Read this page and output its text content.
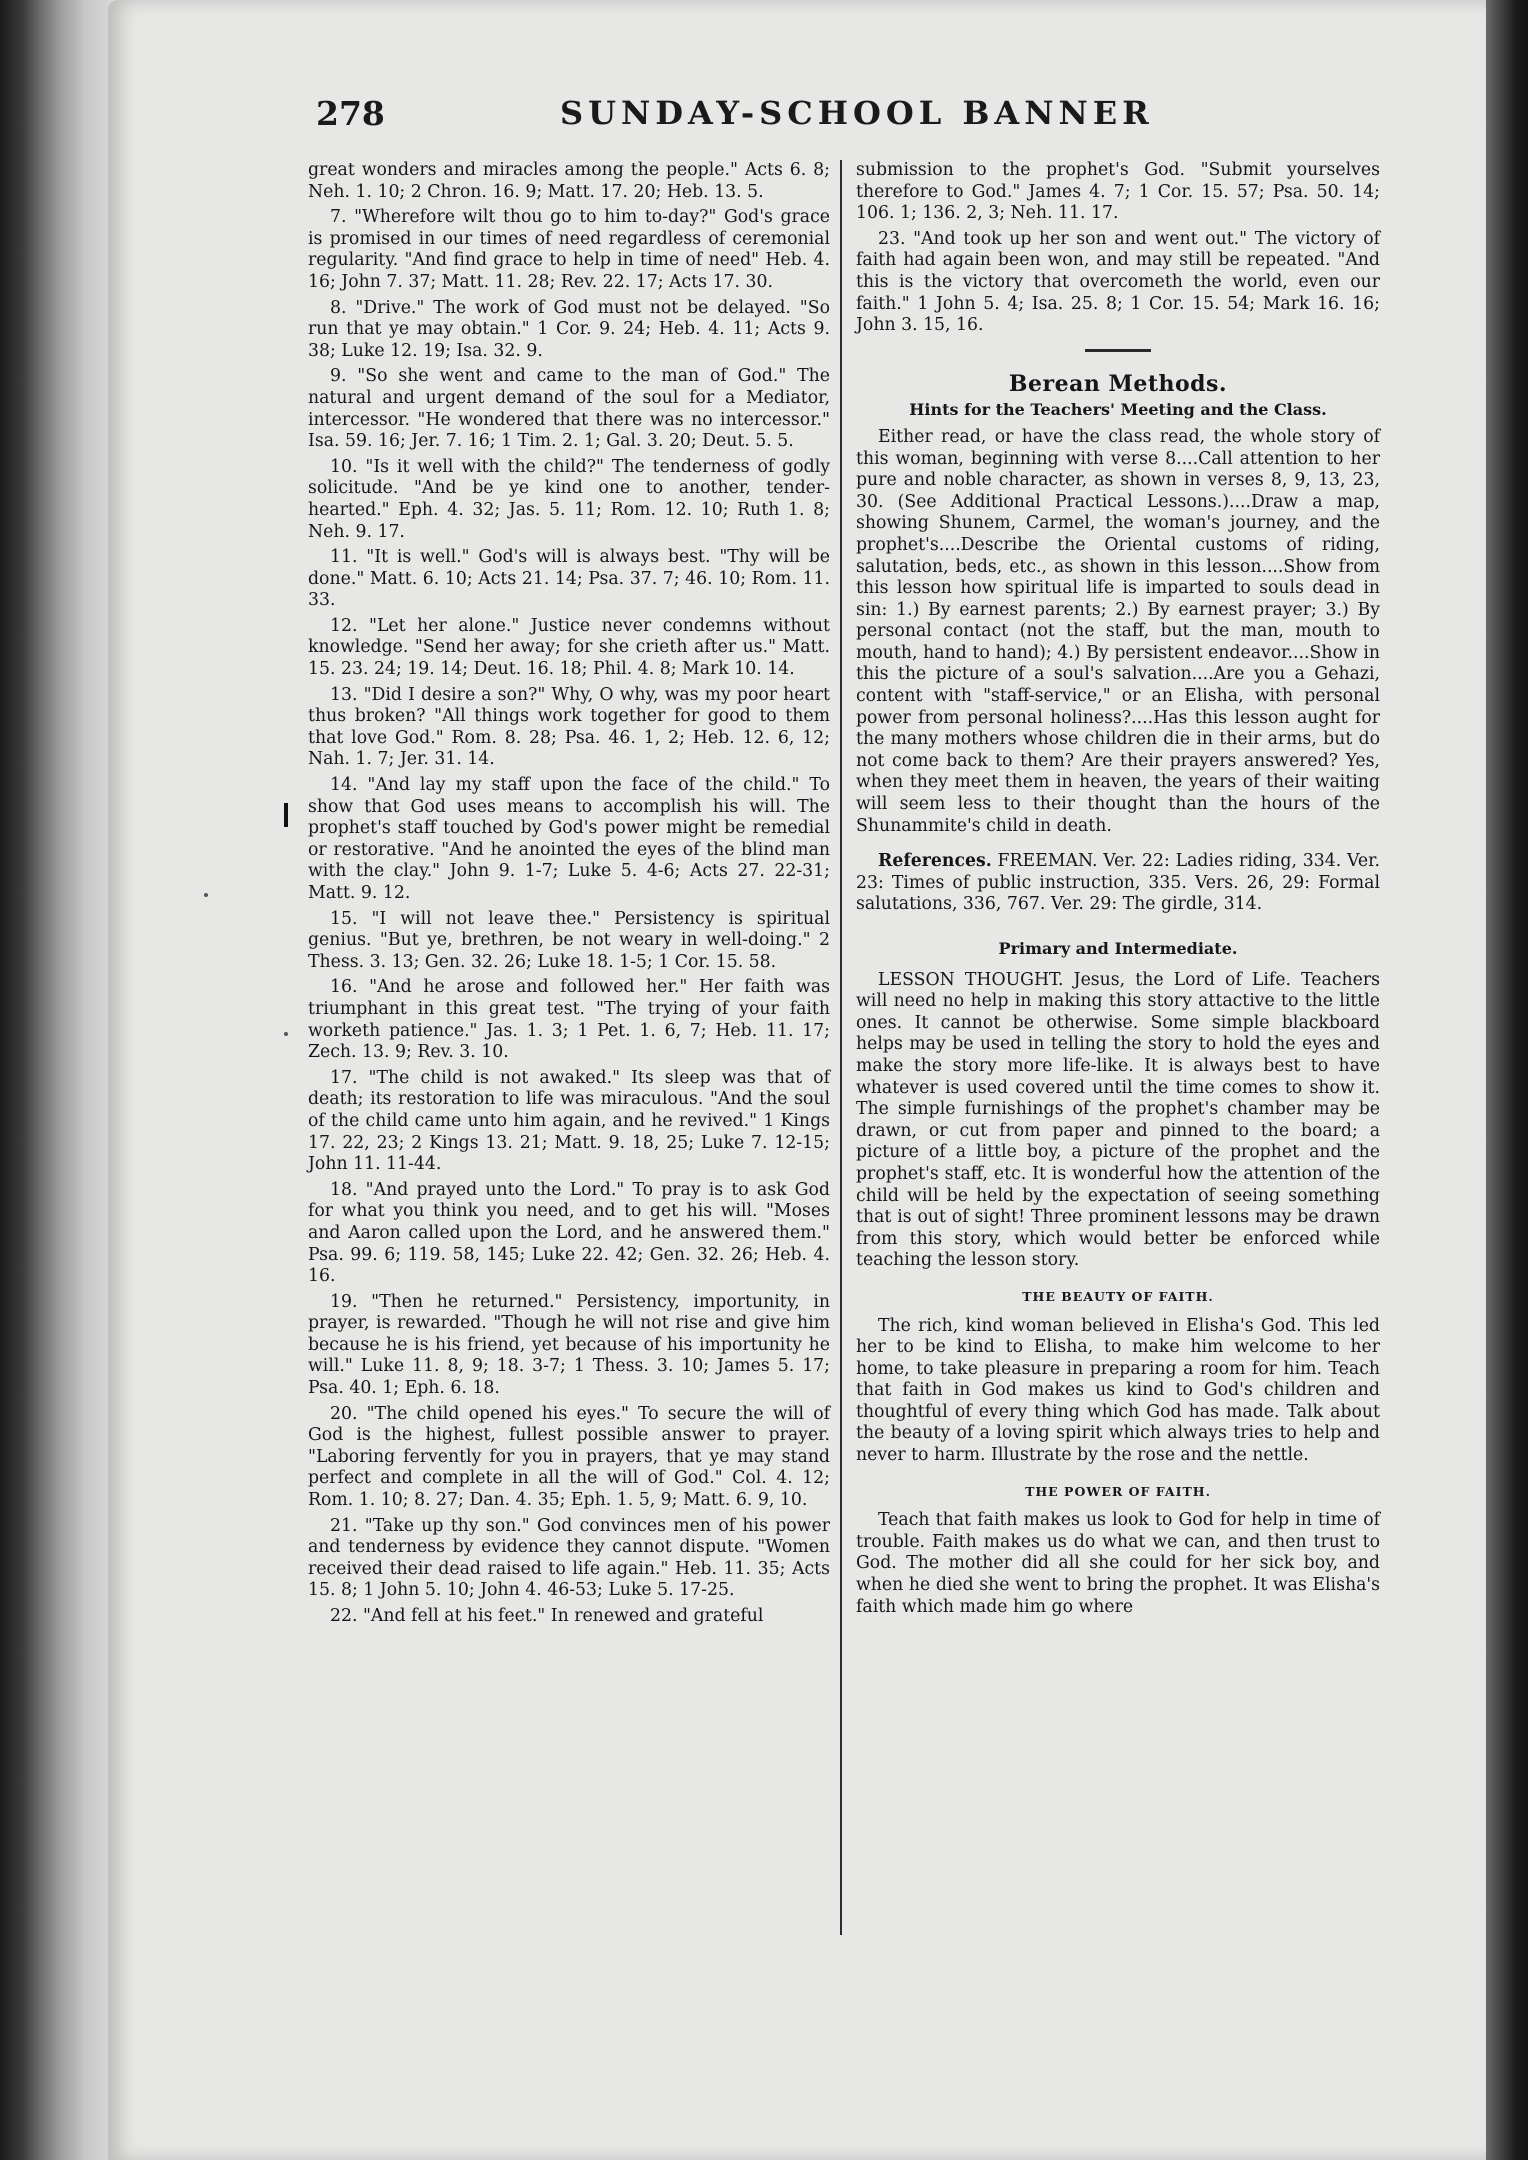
278	SUNDAY-SCHOOL BANNER

great wonders and miracles among the people." Acts 6. 8; Neh. 1. 10; 2 Chron. 16. 9; Matt. 17. 20; Heb. 13. 5.

7. "Wherefore wilt thou go to him to-day?" God's grace is promised in our times of need regardless of ceremonial regularity. "And find grace to help in time of need" Heb. 4. 16; John 7. 37; Matt. 11. 28; Rev. 22. 17; Acts 17. 30.

8. "Drive." The work of God must not be delayed. "So run that ye may obtain." 1 Cor. 9. 24; Heb. 4. 11; Acts 9. 38; Luke 12. 19; Isa. 32. 9.

9. "So she went and came to the man of God." The natural and urgent demand of the soul for a Mediator, intercessor. "He wondered that there was no intercessor." Isa. 59. 16; Jer. 7. 16; 1 Tim. 2. 1; Gal. 3. 20; Deut. 5. 5.

10. "Is it well with the child?" The tenderness of godly solicitude. "And be ye kind one to another, tender-hearted." Eph. 4. 32; Jas. 5. 11; Rom. 12. 10; Ruth 1. 8; Neh. 9. 17.

11. "It is well." God's will is always best. "Thy will be done." Matt. 6. 10; Acts 21. 14; Psa. 37. 7; 46. 10; Rom. 11. 33.

12. "Let her alone." Justice never condemns without knowledge. "Send her away; for she crieth after us." Matt. 15. 23. 24; 19. 14; Deut. 16. 18; Phil. 4. 8; Mark 10. 14.

13. "Did I desire a son?" Why, O why, was my poor heart thus broken? "All things work together for good to them that love God." Rom. 8. 28; Psa. 46. 1, 2; Heb. 12. 6, 12; Nah. 1. 7; Jer. 31. 14.

14. "And lay my staff upon the face of the child." To show that God uses means to accomplish his will. The prophet's staff touched by God's power might be remedial or restorative. "And he anointed the eyes of the blind man with the clay." John 9. 1-7; Luke 5. 4-6; Acts 27. 22-31; Matt. 9. 12.

15. "I will not leave thee." Persistency is spiritual genius. "But ye, brethren, be not weary in well-doing." 2 Thess. 3. 13; Gen. 32. 26; Luke 18. 1-5; 1 Cor. 15. 58.

16. "And he arose and followed her." Her faith was triumphant in this great test. "The trying of your faith worketh patience." Jas. 1. 3; 1 Pet. 1. 6, 7; Heb. 11. 17; Zech. 13. 9; Rev. 3. 10.

17. "The child is not awaked." Its sleep was that of death; its restoration to life was miraculous. "And the soul of the child came unto him again, and he revived." 1 Kings 17. 22, 23; 2 Kings 13. 21; Matt. 9. 18, 25; Luke 7. 12-15; John 11. 11-44.

18. "And prayed unto the Lord." To pray is to ask God for what you think you need, and to get his will. "Moses and Aaron called upon the Lord, and he answered them." Psa. 99. 6; 119. 58, 145; Luke 22. 42; Gen. 32. 26; Heb. 4. 16.

19. "Then he returned." Persistency, importunity, in prayer, is rewarded. "Though he will not rise and give him because he is his friend, yet because of his importunity he will." Luke 11. 8, 9; 18. 3-7; 1 Thess. 3. 10; James 5. 17; Psa. 40. 1; Eph. 6. 18.

20. "The child opened his eyes." To secure the will of God is the highest, fullest possible answer to prayer. "Laboring fervently for you in prayers, that ye may stand perfect and complete in all the will of God." Col. 4. 12; Rom. 1. 10; 8. 27; Dan. 4. 35; Eph. 1. 5, 9; Matt. 6. 9, 10.

21. "Take up thy son." God convinces men of his power and tenderness by evidence they cannot dispute. "Women received their dead raised to life again." Heb. 11. 35; Acts 15. 8; 1 John 5. 10; John 4. 46-53; Luke 5. 17-25.

22. "And fell at his feet." In renewed and grateful

submission to the prophet's God. "Submit yourselves therefore to God." James 4. 7; 1 Cor. 15. 57; Psa. 50. 14; 106. 1; 136. 2, 3; Neh. 11. 17.

23. "And took up her son and went out." The victory of faith had again been won, and may still be repeated. "And this is the victory that overcometh the world, even our faith." 1 John 5. 4; Isa. 25. 8; 1 Cor. 15. 54; Mark 16. 16; John 3. 15, 16.

Berean Methods.
Hints for the Teachers' Meeting and the Class.

Either read, or have the class read, the whole story of this woman, beginning with verse 8....Call attention to her pure and noble character, as shown in verses 8, 9, 13, 23, 30. (See Additional Practical Lessons.)....Draw a map, showing Shunem, Carmel, the woman's journey, and the prophet's....Describe the Oriental customs of riding, salutation, beds, etc., as shown in this lesson....Show from this lesson how spiritual life is imparted to souls dead in sin: 1.) By earnest parents; 2.) By earnest prayer; 3.) By personal contact (not the staff, but the man, mouth to mouth, hand to hand); 4.) By persistent endeavor....Show in this the picture of a soul's salvation....Are you a Gehazi, content with "staff-service," or an Elisha, with personal power from personal holiness?....Has this lesson aught for the many mothers whose children die in their arms, but do not come back to them? Are their prayers answered? Yes, when they meet them in heaven, the years of their waiting will seem less to their thought than the hours of the Shunammite's child in death.

References. FREEMAN. Ver. 22: Ladies riding, 334. Ver. 23: Times of public instruction, 335. Vers. 26, 29: Formal salutations, 336, 767. Ver. 29: The girdle, 314.

Primary and Intermediate.

LESSON THOUGHT. Jesus, the Lord of Life. Teachers will need no help in making this story attactive to the little ones. It cannot be otherwise. Some simple blackboard helps may be used in telling the story to hold the eyes and make the story more life-like. It is always best to have whatever is used covered until the time comes to show it. The simple furnishings of the prophet's chamber may be drawn, or cut from paper and pinned to the board; a picture of a little boy, a picture of the prophet and the prophet's staff, etc. It is wonderful how the attention of the child will be held by the expectation of seeing something that is out of sight! Three prominent lessons may be drawn from this story, which would better be enforced while teaching the lesson story.

THE BEAUTY OF FAITH.

The rich, kind woman believed in Elisha's God. This led her to be kind to Elisha, to make him welcome to her home, to take pleasure in preparing a room for him. Teach that faith in God makes us kind to God's children and thoughtful of every thing which God has made. Talk about the beauty of a loving spirit which always tries to help and never to harm. Illustrate by the rose and the nettle.

THE POWER OF FAITH.

Teach that faith makes us look to God for help in time of trouble. Faith makes us do what we can, and then trust to God. The mother did all she could for her sick boy, and when he died she went to bring the prophet. It was Elisha's faith which made him go where
